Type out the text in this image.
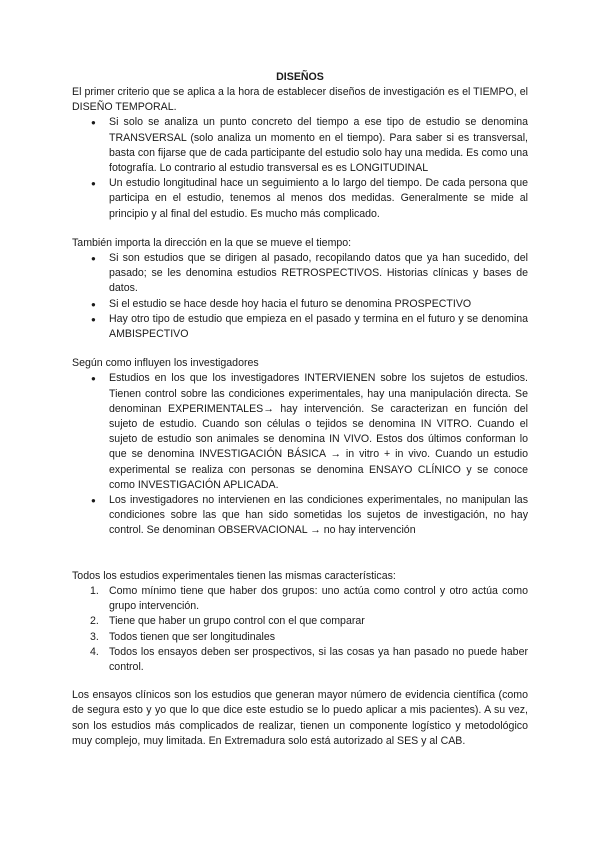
DISEÑOS

El primer criterio que se aplica a la hora de establecer diseños de investigación es el TIEMPO, el DISEÑO TEMPORAL.

● Si solo se analiza un punto concreto del tiempo a ese tipo de estudio se denomina TRANSVERSAL (solo analiza un momento en el tiempo). Para saber si es transversal, basta con fijarse que de cada participante del estudio solo hay una medida. Es como una fotografía. Lo contrario al estudio transversal es es LONGITUDINAL
● Un estudio longitudinal hace un seguimiento a lo largo del tiempo. De cada persona que participa en el estudio, tenemos al menos dos medidas. Generalmente se mide al principio y al final del estudio. Es mucho más complicado.

También importa la dirección en la que se mueve el tiempo:

● Si son estudios que se dirigen al pasado, recopilando datos que ya han sucedido, del pasado; se les denomina estudios RETROSPECTIVOS. Historias clínicas y bases de datos.
● Si el estudio se hace desde hoy hacia el futuro se denomina PROSPECTIVO
● Hay otro tipo de estudio que empieza en el pasado y termina en el futuro y se denomina AMBISPECTIVO

Según como influyen los investigadores

● Estudios en los que los investigadores INTERVIENEN sobre los sujetos de estudios. Tienen control sobre las condiciones experimentales, hay una manipulación directa. Se denominan EXPERIMENTALES→ hay intervención. Se caracterizan en función del sujeto de estudio. Cuando son células o tejidos se denomina IN VITRO. Cuando el sujeto de estudio son animales se denomina IN VIVO. Estos dos últimos conforman lo que se denomina INVESTIGACIÓN BÁSICA → in vitro + in vivo. Cuando un estudio experimental se realiza con personas se denomina ENSAYO CLÍNICO y se conoce como INVESTIGACIÓN APLICADA.
● Los investigadores no intervienen en las condiciones experimentales, no manipulan las condiciones sobre las que han sido sometidas los sujetos de investigación, no hay control. Se denominan OBSERVACIONAL → no hay intervención

Todos los estudios experimentales tienen las mismas características:

1. Como mínimo tiene que haber dos grupos: uno actúa como control y otro actúa como grupo intervención.
2. Tiene que haber un grupo control con el que comparar
3. Todos tienen que ser longitudinales
4. Todos los ensayos deben ser prospectivos, si las cosas ya han pasado no puede haber control.

Los ensayos clínicos son los estudios que generan mayor número de evidencia científica (como de segura esto y yo que lo que dice este estudio se lo puedo aplicar a mis pacientes). A su vez, son los estudios más complicados de realizar, tienen un componente logístico y metodológico muy complejo, muy limitada. En Extremadura solo está autorizado al SES y al CAB.
